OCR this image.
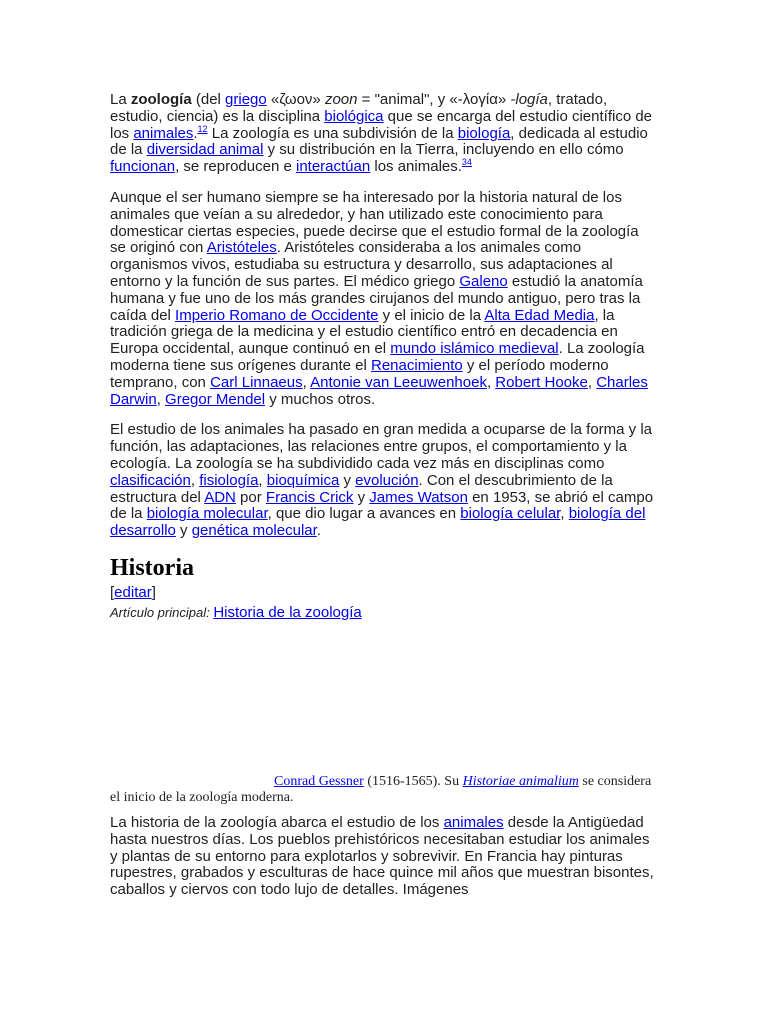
La zoología (del griego «ζωον» zoon = "animal", y «-λογία» -logía, tratado, estudio, ciencia) es la disciplina biológica que se encarga del estudio científico de los animales.$^{12}$ La zoología es una subdivisión de la biología, dedicada al estudio de la diversidad animal y su distribución en la Tierra, incluyendo en ello cómo funcionan, se reproducen e interactúan los animales.$^{34}$

Aunque el ser humano siempre se ha interesado por la historia natural de los animales que veían a su alrededor, y han utilizado este conocimiento para domesticar ciertas especies, puede decirse que el estudio formal de la zoología se originó con Aristóteles. Aristóteles consideraba a los animales como organismos vivos, estudiaba su estructura y desarrollo, sus adaptaciones al entorno y la función de sus partes. El médico griego Galeno estudió la anatomía humana y fue uno de los más grandes cirujanos del mundo antiguo, pero tras la caída del Imperio Romano de Occidente y el inicio de la Alta Edad Media, la tradición griega de la medicina y el estudio científico entró en decadencia en Europa occidental, aunque continuó en el mundo islámico medieval. La zoología moderna tiene sus orígenes durante el Renacimiento y el período moderno temprano, con Carl Linnaeus, Antonie van Leeuwenhoek, Robert Hooke, Charles Darwin, Gregor Mendel y muchos otros.

El estudio de los animales ha pasado en gran medida a ocuparse de la forma y la función, las adaptaciones, las relaciones entre grupos, el comportamiento y la ecología. La zoología se ha subdividido cada vez más en disciplinas como clasificación, fisiología, bioquímica y evolución. Con el descubrimiento de la estructura del ADN por Francis Crick y James Watson en 1953, se abrió el campo de la biología molecular, que dio lugar a avances en biología celular, biología del desarrollo y genética molecular.

Historia
[editar]
Artículo principal: Historia de la zoología
Conrad Gessner (1516-1565). Su Historiae animalium se considera el inicio de la zoología moderna.

La historia de la zoología abarca el estudio de los animales desde la Antigüedad hasta nuestros días. Los pueblos prehistóricos necesitaban estudiar los animales y plantas de su entorno para explotarlos y sobrevivir. En Francia hay pinturas rupestres, grabados y esculturas de hace quince mil años que muestran bisontes, caballos y ciervos con todo lujo de detalles. Imágenes
